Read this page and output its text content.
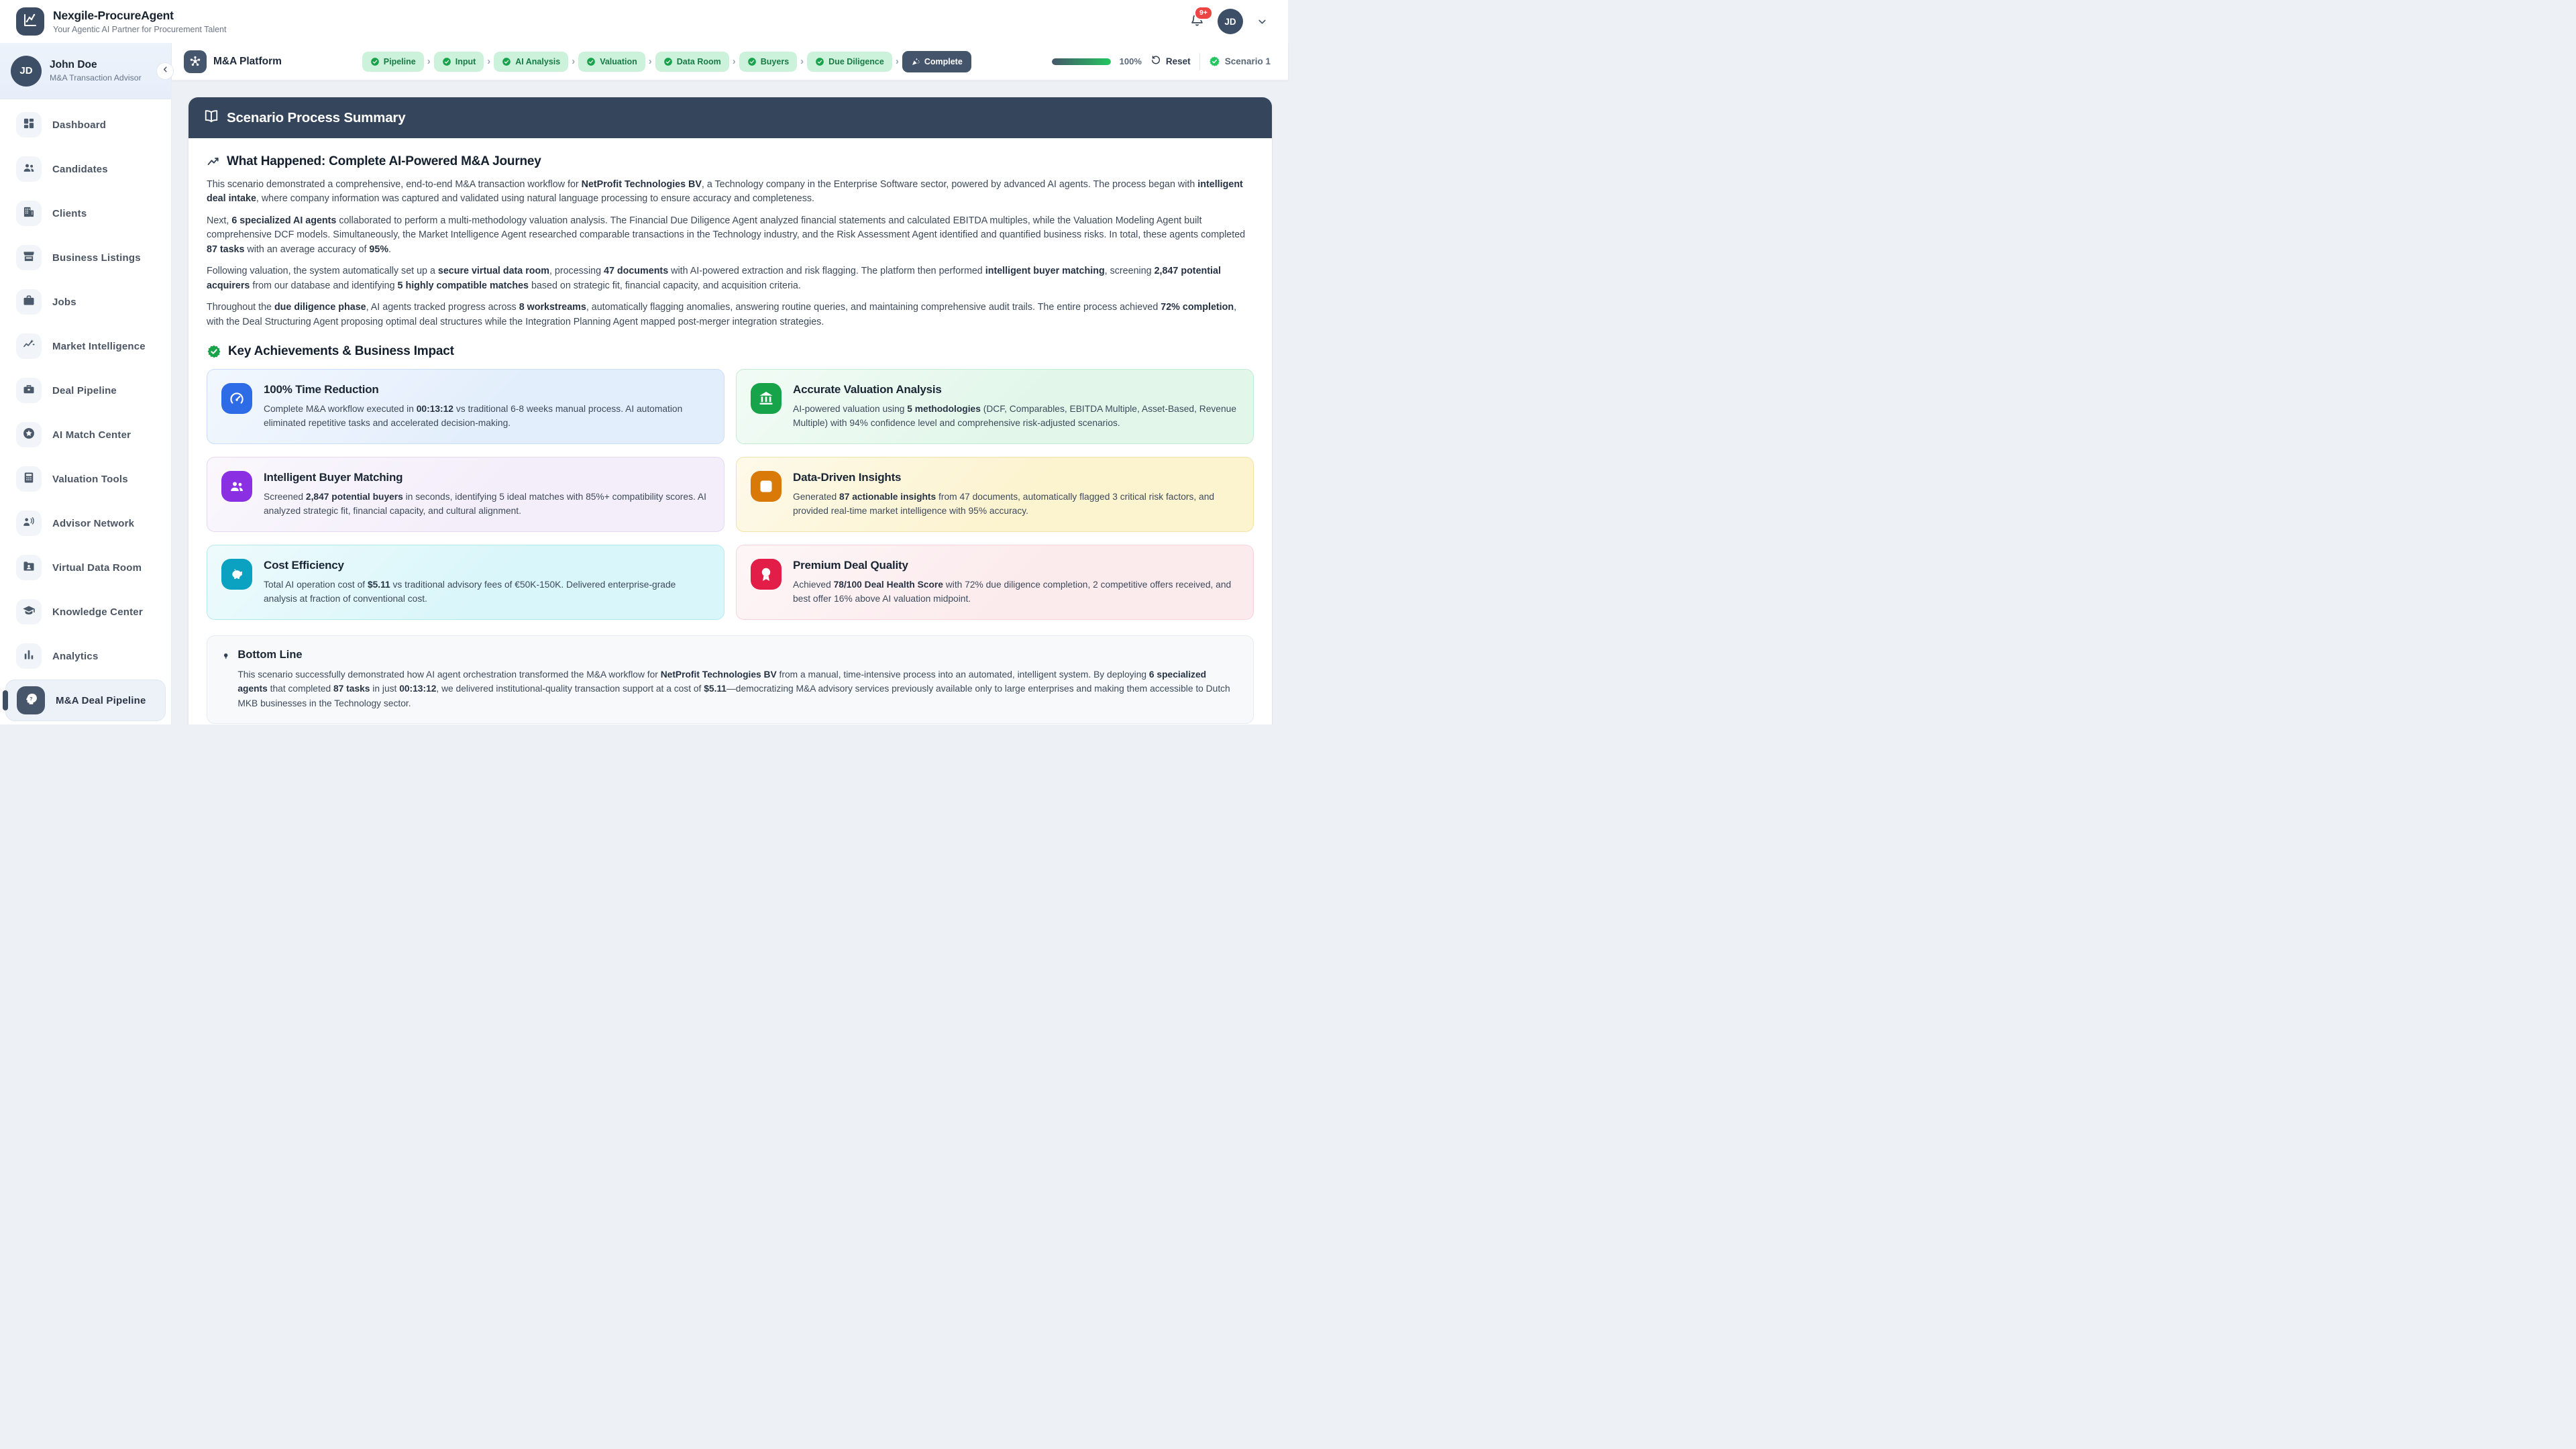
Nexgile-ProcureAgent
Your Agentic AI Partner for Procurement Talent
9+
JD
JD
John Doe
M&A Transaction Advisor
Dashboard
Candidates
Clients
Business Listings
Jobs
Market Intelligence
Deal Pipeline
AI Match Center
Valuation Tools
Advisor Network
Virtual Data Room
Knowledge Center
Analytics
? M&A Deal Pipeline
M&A Platform	Pipeline ›	Input ›	AI Analysis ›	Valuation ›	Data Room ›	Buyers ›	Due Diligence ›	Complete	100%	Reset	Scenario 1
Scenario Process Summary
What Happened: Complete AI-Powered M&A Journey

This scenario demonstrated a comprehensive, end-to-end M&A transaction workflow for NetProfit Technologies BV, a Technology company in the Enterprise Software sector, powered by advanced AI agents. The process began with intelligent deal intake, where company information was captured and validated using natural language processing to ensure accuracy and completeness.

Next, 6 specialized AI agents collaborated to perform a multi-methodology valuation analysis. The Financial Due Diligence Agent analyzed financial statements and calculated EBITDA multiples, while the Valuation Modeling Agent built comprehensive DCF models. Simultaneously, the Market Intelligence Agent researched comparable transactions in the Technology industry, and the Risk Assessment Agent identified and quantified business risks. In total, these agents completed 87 tasks with an average accuracy of 95%.

Following valuation, the system automatically set up a secure virtual data room, processing 47 documents with AI-powered extraction and risk flagging. The platform then performed intelligent buyer matching, screening 2,847 potential acquirers from our database and identifying 5 highly compatible matches based on strategic fit, financial capacity, and acquisition criteria.

Throughout the due diligence phase, AI agents tracked progress across 8 workstreams, automatically flagging anomalies, answering routine queries, and maintaining comprehensive audit trails. The entire process achieved 72% completion, with the Deal Structuring Agent proposing optimal deal structures while the Integration Planning Agent mapped post-merger integration strategies.

Key Achievements & Business Impact
100% Time Reduction
Complete M&A workflow executed in 00:13:12 vs traditional 6-8 weeks manual process. AI automation eliminated repetitive tasks and accelerated decision-making.
Accurate Valuation Analysis
AI-powered valuation using 5 methodologies (DCF, Comparables, EBITDA Multiple, Asset-Based, Revenue Multiple) with 94% confidence level and comprehensive risk-adjusted scenarios.
Intelligent Buyer Matching
Screened 2,847 potential buyers in seconds, identifying 5 ideal matches with 85%+ compatibility scores. AI analyzed strategic fit, financial capacity, and cultural alignment.
Data-Driven Insights
Generated 87 actionable insights from 47 documents, automatically flagged 3 critical risk factors, and provided real-time market intelligence with 95% accuracy.
Cost Efficiency
Total AI operation cost of $5.11 vs traditional advisory fees of €50K-150K. Delivered enterprise-grade analysis at fraction of conventional cost.
Premium Deal Quality
Achieved 78/100 Deal Health Score with 72% due diligence completion, 2 competitive offers received, and best offer 16% above AI valuation midpoint.
Bottom Line
This scenario successfully demonstrated how AI agent orchestration transformed the M&A workflow for NetProfit Technologies BV from a manual, time-intensive process into an automated, intelligent system. By deploying 6 specialized agents that completed 87 tasks in just 00:13:12, we delivered institutional-quality transaction support at a cost of $5.11—democratizing M&A advisory services previously available only to large enterprises and making them accessible to Dutch MKB businesses in the Technology sector.
